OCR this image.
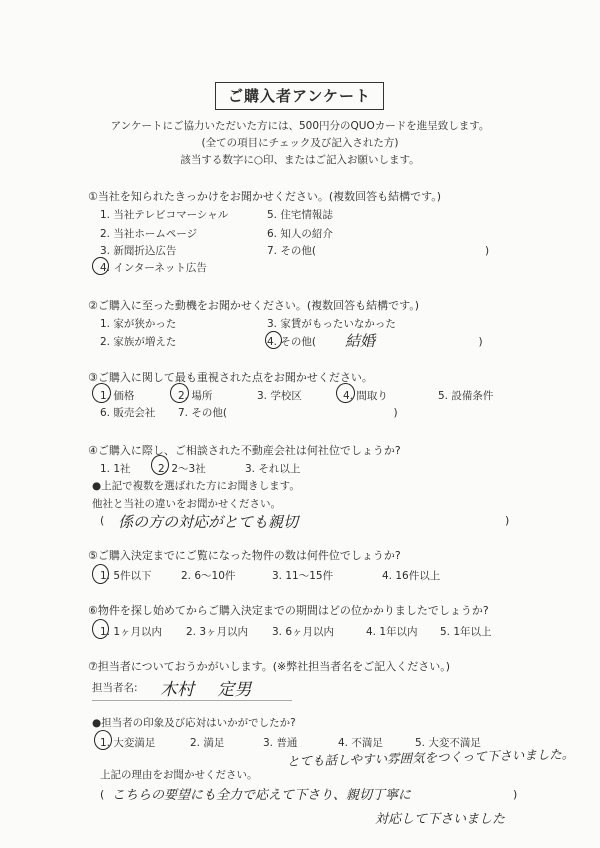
ご購入者アンケート
アンケートにご協力いただいた方には、500円分のQUOカードを進呈致します。
(全ての項目にチェック及び記入された方)
該当する数字に○印、またはご記入お願いします。
①当社を知られたきっかけをお聞かせください。(複数回答も結構です。)
1. 当社テレビコマーシャル
2. 当社ホームページ
3. 新聞折込広告
4. インターネット広告
5. 住宅情報誌
6. 知人の紹介
7. その他(	　　　　　　　　　　)
②ご購入に至った動機をお聞かせください。(複数回答も結構です。)
1. 家が狭かった
2. 家族が増えた
3. 家賃がもったいなかった
4. その他(	　　　　　　　)
結婚
③ご購入に関して最も重視された点をお聞かせください。
1. 価格	2. 場所	3. 学校区	4. 間取り	5. 設備条件
6. 販売会社 7. その他(	　　　　　　　)
④ご購入に際し、ご相談された不動産会社は何社位でしょうか?
1. 1社	2. 2～3社	3. それ以上
●上記で複数を選ばれた方にお聞きします。
他社と当社の違いをお聞かせください。
( 係の方の対応がとても親切	)
⑤ご購入決定までにご覧になった物件の数は何件位でしょうか?
1. 5件以下	2. 6～10件	3. 11～15件	4. 16件以上
⑥物件を探し始めてからご購入決定までの期間はどの位かかりましたでしょうか?
1. 1ヶ月以内 2. 3ヶ月以内 3. 6ヶ月以内	4. 1年以内 5. 1年以上
⑦担当者についておうかがいします。(※弊社担当者名をご記入ください。)
担当者名: 木村 定男
●担当者の印象及び応対はいかがでしたか?
1. 大変満足	2. 満足	3. 普通	4. 不満足	5. 大変不満足
とても話しやすい雰囲気をつくって下さいました。
上記の理由をお聞かせください。
( こちらの要望にも全力で応えて下さり、親切丁寧に
対応して下さいました
)
